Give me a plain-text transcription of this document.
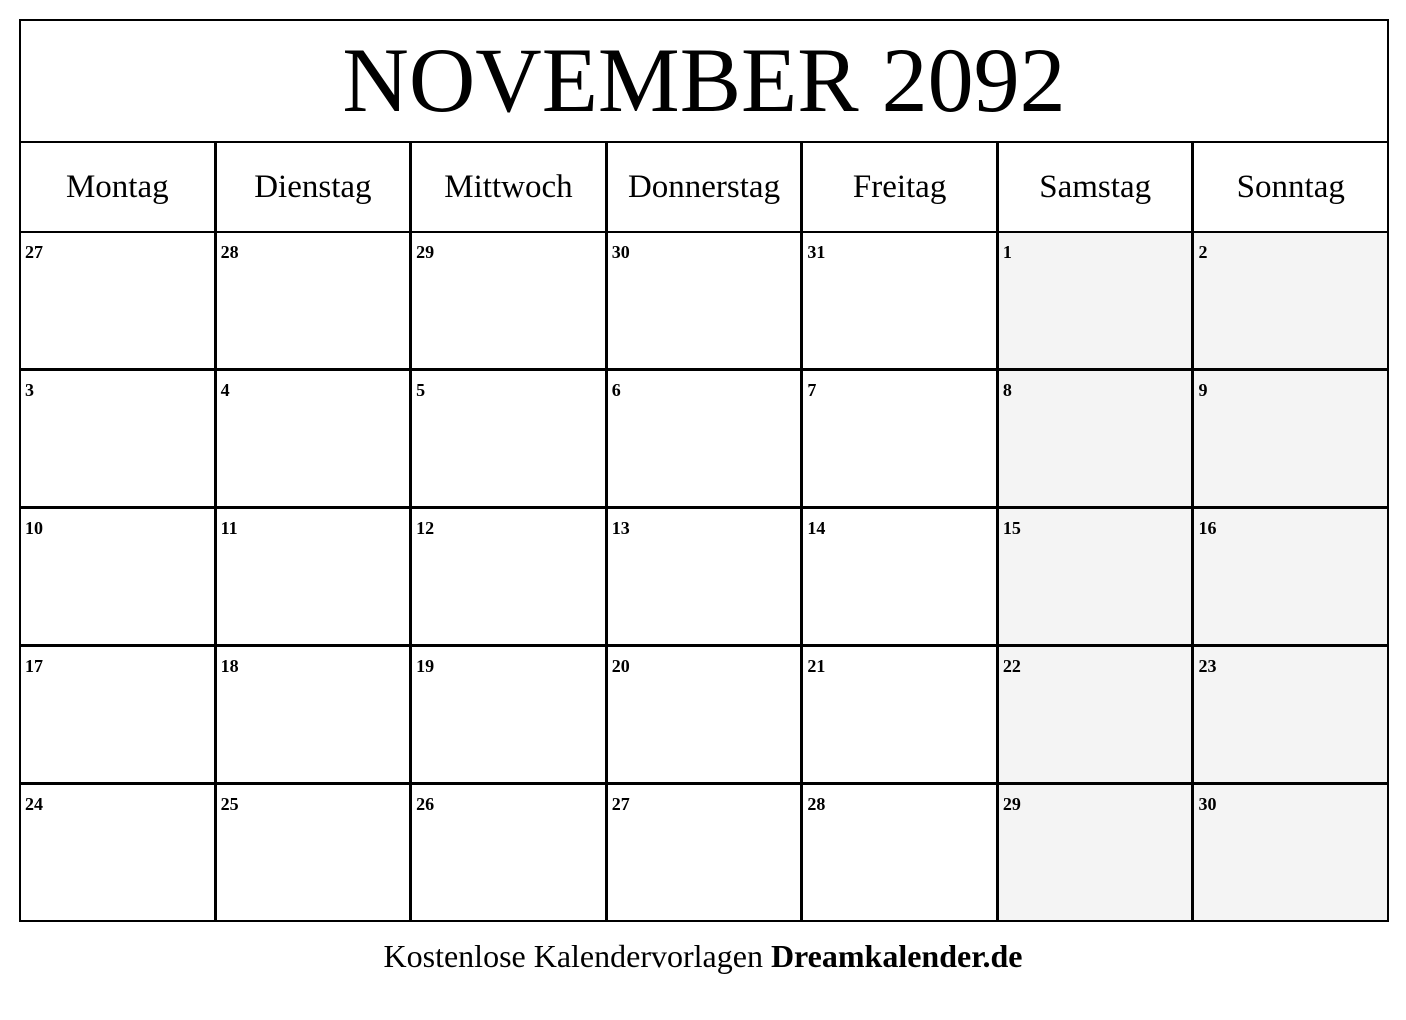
NOVEMBER 2092
Montag	Dienstag	Mittwoch	Donnerstag	Freitag	Samstag	Sonntag
27	28	29	30	31	1	2
3	4	5	6	7	8	9
10	11	12	13	14	15	16
17	18	19	20	21	22	23
24	25	26	27	28	29	30
Kostenlose Kalendervorlagen Dreamkalender.de
